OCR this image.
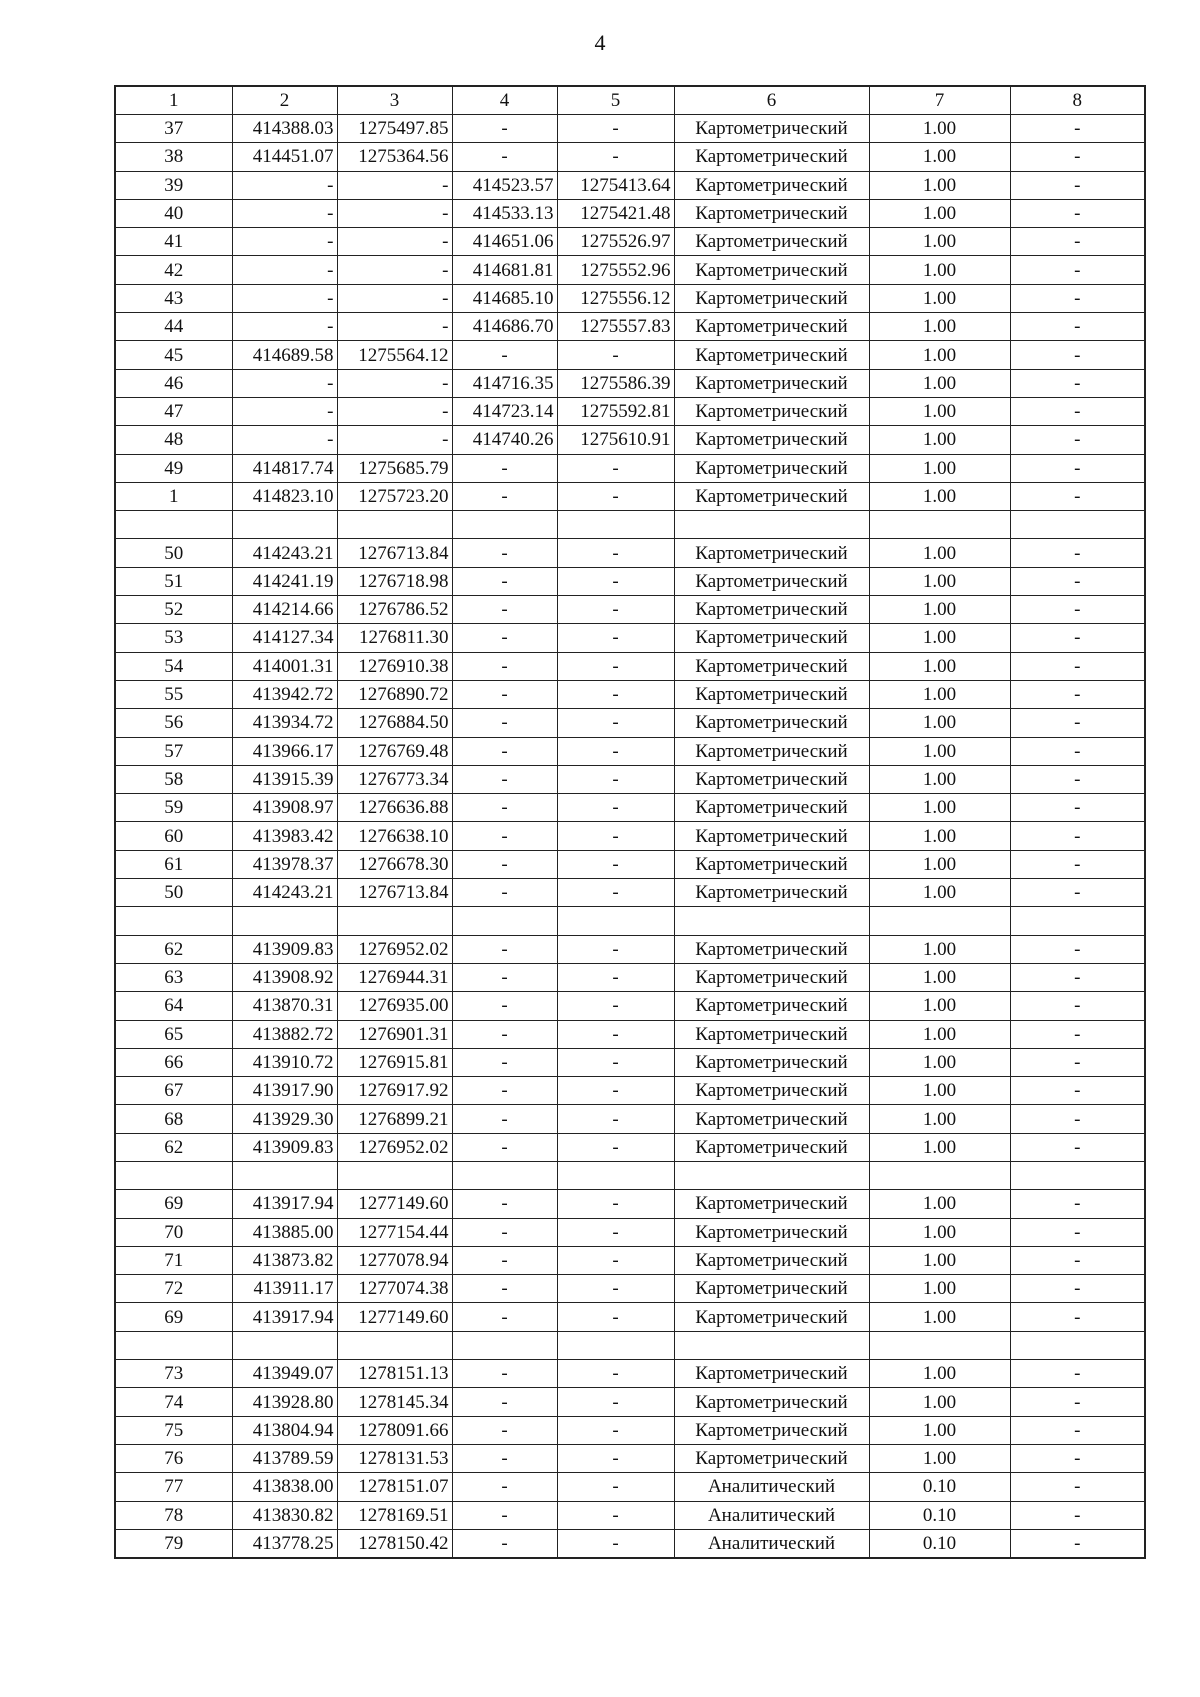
4
1	2	3	4	5	6	7	8
37	414388.03	1275497.85	-	-	Картометрический	1.00	-
38	414451.07	1275364.56	-	-	Картометрический	1.00	-
39	-	-	414523.57	1275413.64	Картометрический	1.00	-
40	-	-	414533.13	1275421.48	Картометрический	1.00	-
41	-	-	414651.06	1275526.97	Картометрический	1.00	-
42	-	-	414681.81	1275552.96	Картометрический	1.00	-
43	-	-	414685.10	1275556.12	Картометрический	1.00	-
44	-	-	414686.70	1275557.83	Картометрический	1.00	-
45	414689.58	1275564.12	-	-	Картометрический	1.00	-
46	-	-	414716.35	1275586.39	Картометрический	1.00	-
47	-	-	414723.14	1275592.81	Картометрический	1.00	-
48	-	-	414740.26	1275610.91	Картометрический	1.00	-
49	414817.74	1275685.79	-	-	Картометрический	1.00	-
1	414823.10	1275723.20	-	-	Картометрический	1.00	-

50	414243.21	1276713.84	-	-	Картометрический	1.00	-
51	414241.19	1276718.98	-	-	Картометрический	1.00	-
52	414214.66	1276786.52	-	-	Картометрический	1.00	-
53	414127.34	1276811.30	-	-	Картометрический	1.00	-
54	414001.31	1276910.38	-	-	Картометрический	1.00	-
55	413942.72	1276890.72	-	-	Картометрический	1.00	-
56	413934.72	1276884.50	-	-	Картометрический	1.00	-
57	413966.17	1276769.48	-	-	Картометрический	1.00	-
58	413915.39	1276773.34	-	-	Картометрический	1.00	-
59	413908.97	1276636.88	-	-	Картометрический	1.00	-
60	413983.42	1276638.10	-	-	Картометрический	1.00	-
61	413978.37	1276678.30	-	-	Картометрический	1.00	-
50	414243.21	1276713.84	-	-	Картометрический	1.00	-

62	413909.83	1276952.02	-	-	Картометрический	1.00	-
63	413908.92	1276944.31	-	-	Картометрический	1.00	-
64	413870.31	1276935.00	-	-	Картометрический	1.00	-
65	413882.72	1276901.31	-	-	Картометрический	1.00	-
66	413910.72	1276915.81	-	-	Картометрический	1.00	-
67	413917.90	1276917.92	-	-	Картометрический	1.00	-
68	413929.30	1276899.21	-	-	Картометрический	1.00	-
62	413909.83	1276952.02	-	-	Картометрический	1.00	-

69	413917.94	1277149.60	-	-	Картометрический	1.00	-
70	413885.00	1277154.44	-	-	Картометрический	1.00	-
71	413873.82	1277078.94	-	-	Картометрический	1.00	-
72	413911.17	1277074.38	-	-	Картометрический	1.00	-
69	413917.94	1277149.60	-	-	Картометрический	1.00	-

73	413949.07	1278151.13	-	-	Картометрический	1.00	-
74	413928.80	1278145.34	-	-	Картометрический	1.00	-
75	413804.94	1278091.66	-	-	Картометрический	1.00	-
76	413789.59	1278131.53	-	-	Картометрический	1.00	-
77	413838.00	1278151.07	-	-	Аналитический	0.10	-
78	413830.82	1278169.51	-	-	Аналитический	0.10	-
79	413778.25	1278150.42	-	-	Аналитический	0.10	-
